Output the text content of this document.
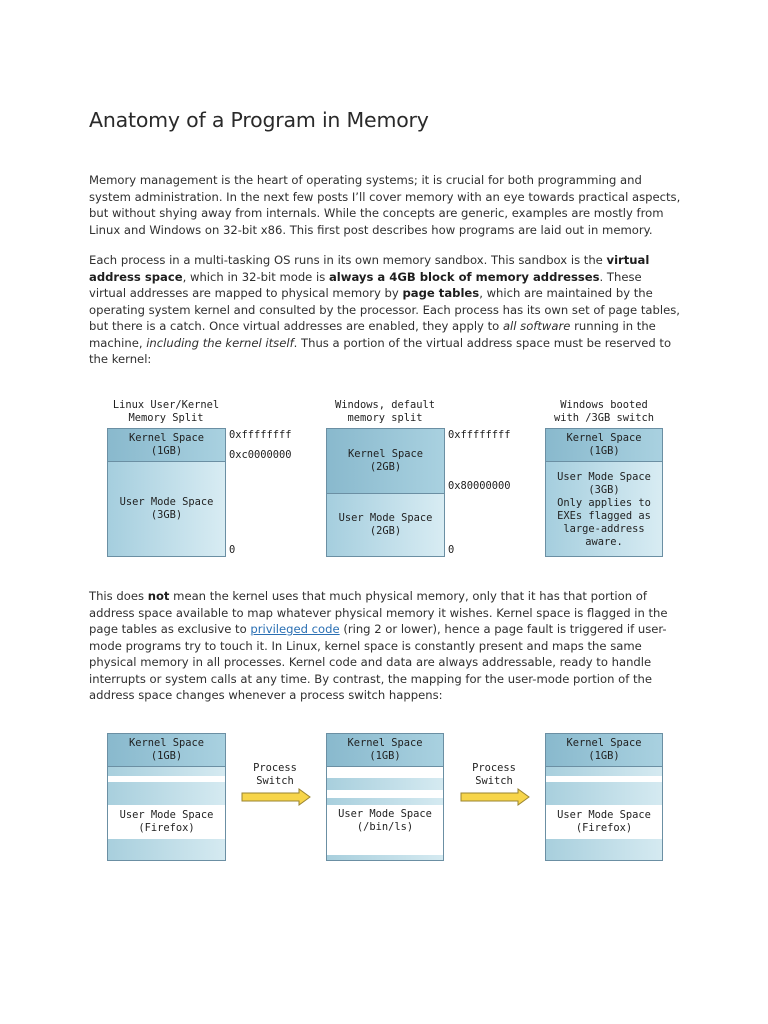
Anatomy of a Program in Memory

Memory management is the heart of operating systems; it is crucial for both programming and system administration. In the next few posts I’ll cover memory with an eye towards practical aspects, but without shying away from internals. While the concepts are generic, examples are mostly from Linux and Windows on 32-bit x86. This first post describes how programs are laid out in memory.

Each process in a multi-tasking OS runs in its own memory sandbox. This sandbox is the virtual address space, which in 32-bit mode is always a 4GB block of memory addresses. These virtual addresses are mapped to physical memory by page tables, which are maintained by the operating system kernel and consulted by the processor. Each process has its own set of page tables, but there is a catch. Once virtual addresses are enabled, they apply to all software running in the machine, including the kernel itself. Thus a portion of the virtual address space must be reserved to the kernel:

Linux User/Kernel
Memory Split
Kernel Space
(1GB)
User Mode Space
(3GB)
0xffffffff
0xc0000000
0
Windows, default
memory split
Kernel Space
(2GB)
User Mode Space
(2GB)
0xffffffff
0x80000000
0
Windows booted
with /3GB switch
Kernel Space
(1GB)
User Mode Space
(3GB)
Only applies to
EXEs flagged as
large-address
aware.

This does not mean the kernel uses that much physical memory, only that it has that portion of address space available to map whatever physical memory it wishes. Kernel space is flagged in the page tables as exclusive to privileged code (ring 2 or lower), hence a page fault is triggered if user-mode programs try to touch it. In Linux, kernel space is constantly present and maps the same physical memory in all processes. Kernel code and data are always addressable, ready to handle interrupts or system calls at any time. By contrast, the mapping for the user-mode portion of the address space changes whenever a process switch happens:

Kernel Space
(1GB)
User Mode Space
(Firefox)
Process
Switch
Kernel Space
(1GB)
User Mode Space
(/bin/ls)
Process
Switch
Kernel Space
(1GB)
User Mode Space
(Firefox)
